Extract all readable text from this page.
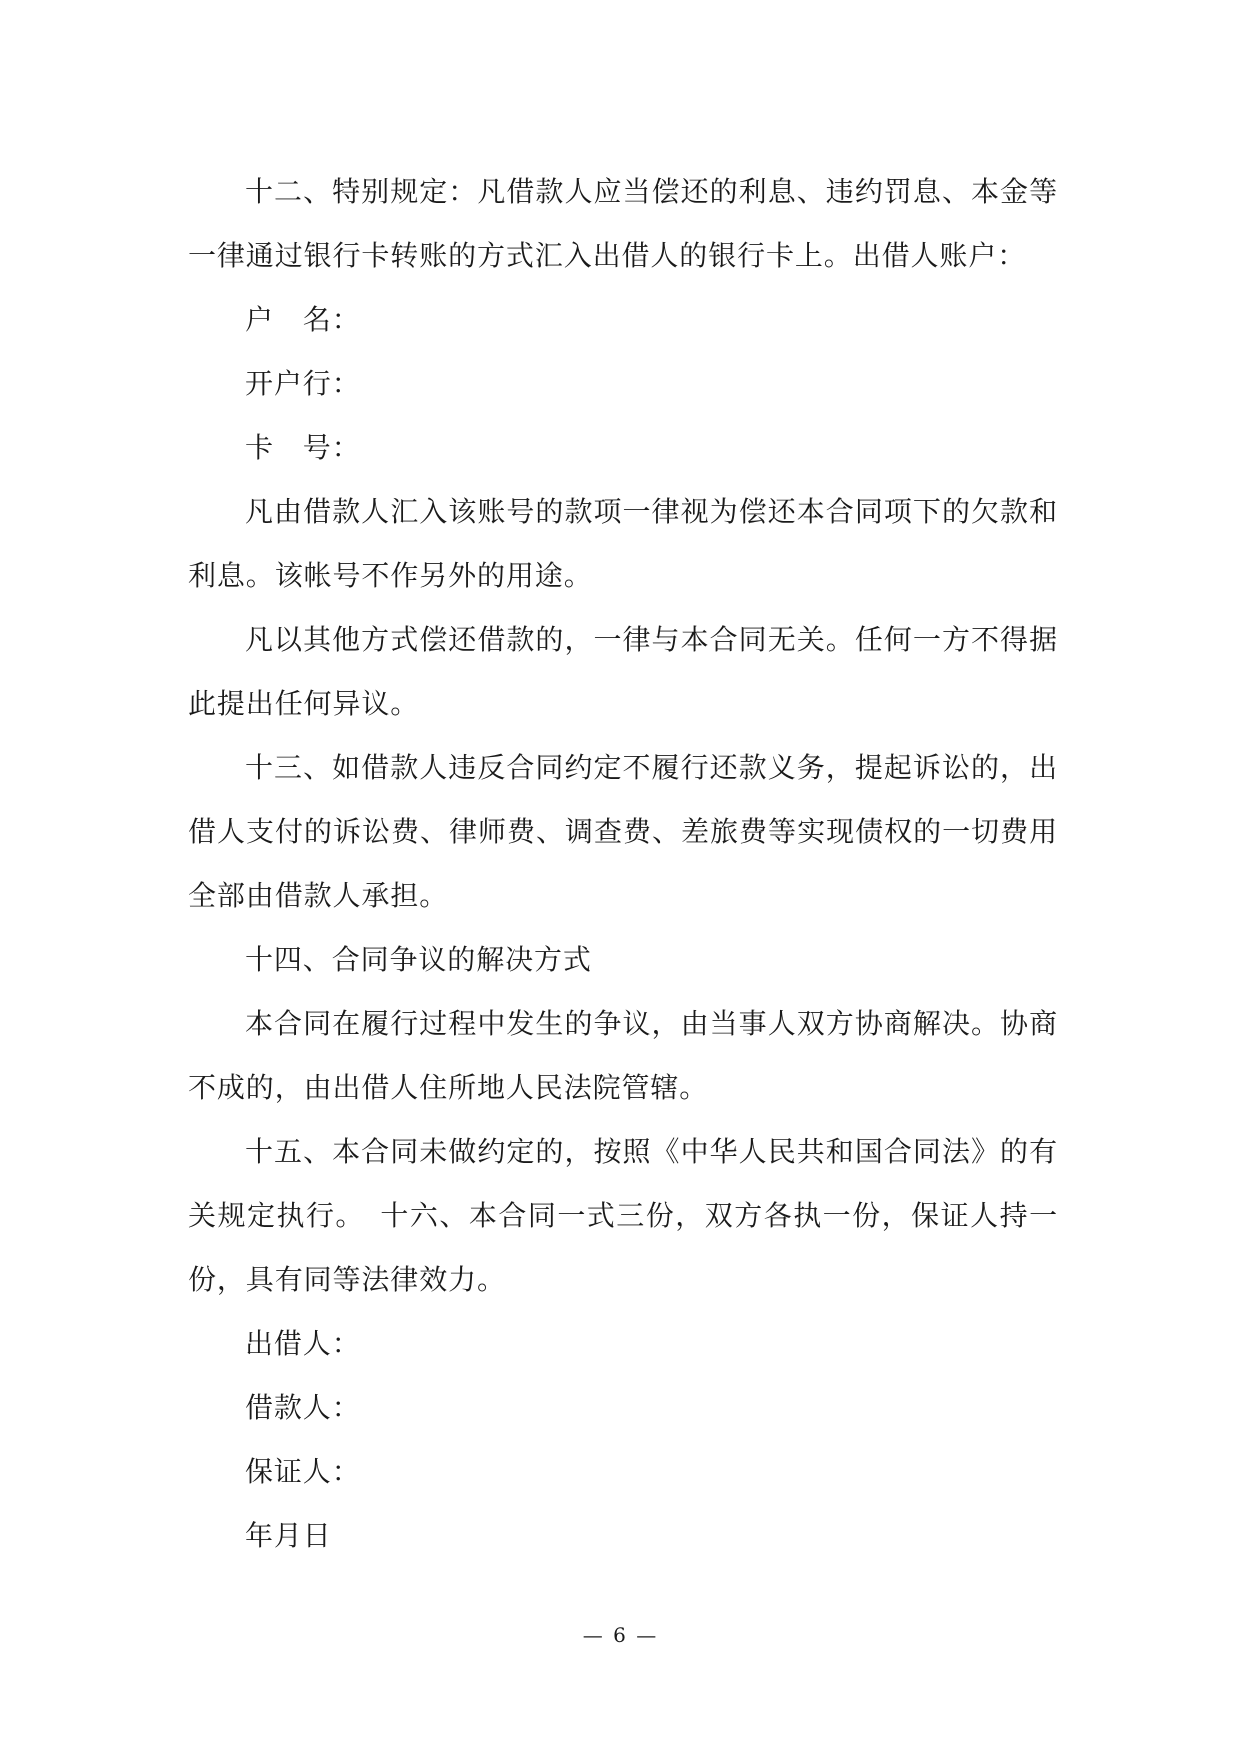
十二、特别规定：凡借款人应当偿还的利息、违约罚息、本金等一律通过银行卡转账的方式汇入出借人的银行卡上。出借人账户：

户　名：

开户行：

卡　号：

凡由借款人汇入该账号的款项一律视为偿还本合同项下的欠款和利息。该帐号不作另外的用途。

凡以其他方式偿还借款的，一律与本合同无关。任何一方不得据此提出任何异议。

十三、如借款人违反合同约定不履行还款义务，提起诉讼的，出借人支付的诉讼费、律师费、调查费、差旅费等实现债权的一切费用全部由借款人承担。

十四、合同争议的解决方式

本合同在履行过程中发生的争议，由当事人双方协商解决。协商不成的，由出借人住所地人民法院管辖。

十五、本合同未做约定的，按照《中华人民共和国合同法》的有关规定执行。　十六、本合同一式三份，双方各执一份，保证人持一份，具有同等法律效力。

出借人：

借款人：

保证人：

年月日

— 6 —
